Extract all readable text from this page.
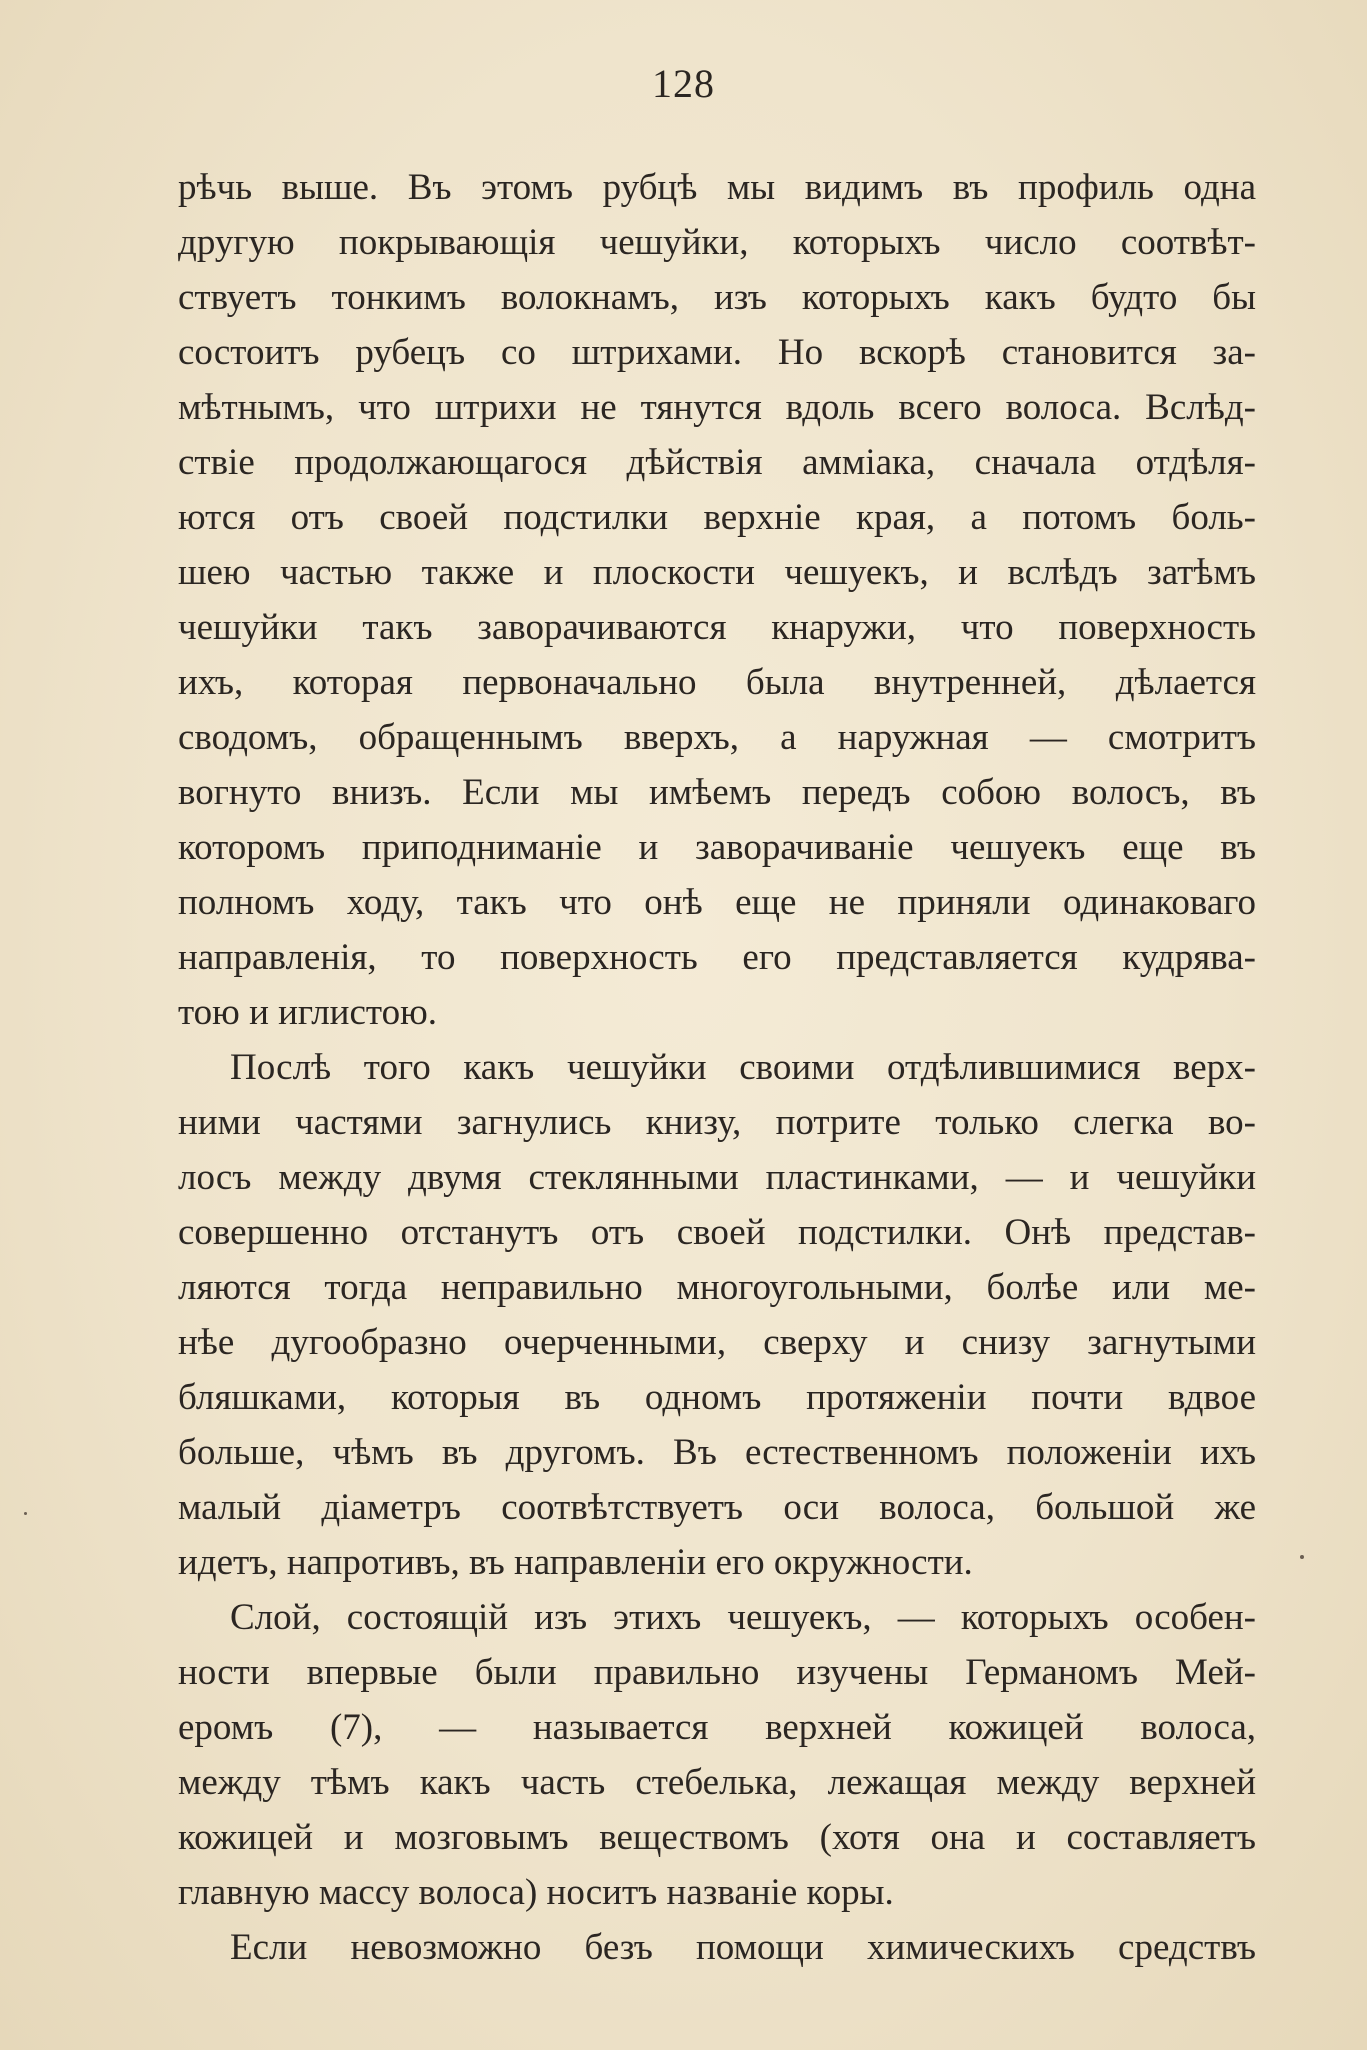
128
рѣчь выше. Въ этомъ рубцѣ мы видимъ въ профиль одна
другую покрывающія чешуйки, которыхъ число соотвѣт-
ствуетъ тонкимъ волокнамъ, изъ которыхъ какъ будто бы
состоитъ рубецъ со штрихами. Но вскорѣ становится за-
мѣтнымъ, что штрихи не тянутся вдоль всего волоса. Вслѣд-
ствіе продолжающагося дѣйствія амміака, сначала отдѣля-
ются отъ своей подстилки верхніе края, а потомъ боль-
шею частью также и плоскости чешуекъ, и вслѣдъ затѣмъ
чешуйки такъ заворачиваются кнаружи, что поверхность
ихъ, которая первоначально была внутренней, дѣлается
сводомъ, обращеннымъ вверхъ, а наружная — смотритъ
вогнуто внизъ. Если мы имѣемъ передъ собою волосъ, въ
которомъ приподниманіе и заворачиваніе чешуекъ еще въ
полномъ ходу, такъ что онѣ еще не приняли одинаковаго
направленія, то поверхность его представляется кудрява-
тою и иглистою.
Послѣ того какъ чешуйки своими отдѣлившимися верх-
ними частями загнулись книзу, потрите только слегка во-
лосъ между двумя стеклянными пластинками, — и чешуйки
совершенно отстанутъ отъ своей подстилки. Онѣ представ-
ляются тогда неправильно многоугольными, болѣе или ме-
нѣе дугообразно очерченными, сверху и снизу загнутыми
бляшками, которыя въ одномъ протяженіи почти вдвое
больше, чѣмъ въ другомъ. Въ естественномъ положеніи ихъ
малый діаметръ соотвѣтствуетъ оси волоса, большой же
идетъ, напротивъ, въ направленіи его окружности.
Слой, состоящій изъ этихъ чешуекъ, — которыхъ особен-
ности впервые были правильно изучены Германомъ Мей-
еромъ (7), — называется верхней кожицей волоса,
между тѣмъ какъ часть стебелька, лежащая между верхней
кожицей и мозговымъ веществомъ (хотя она и составляетъ
главную массу волоса) носитъ названіе коры.
Если невозможно безъ помощи химическихъ средствъ
